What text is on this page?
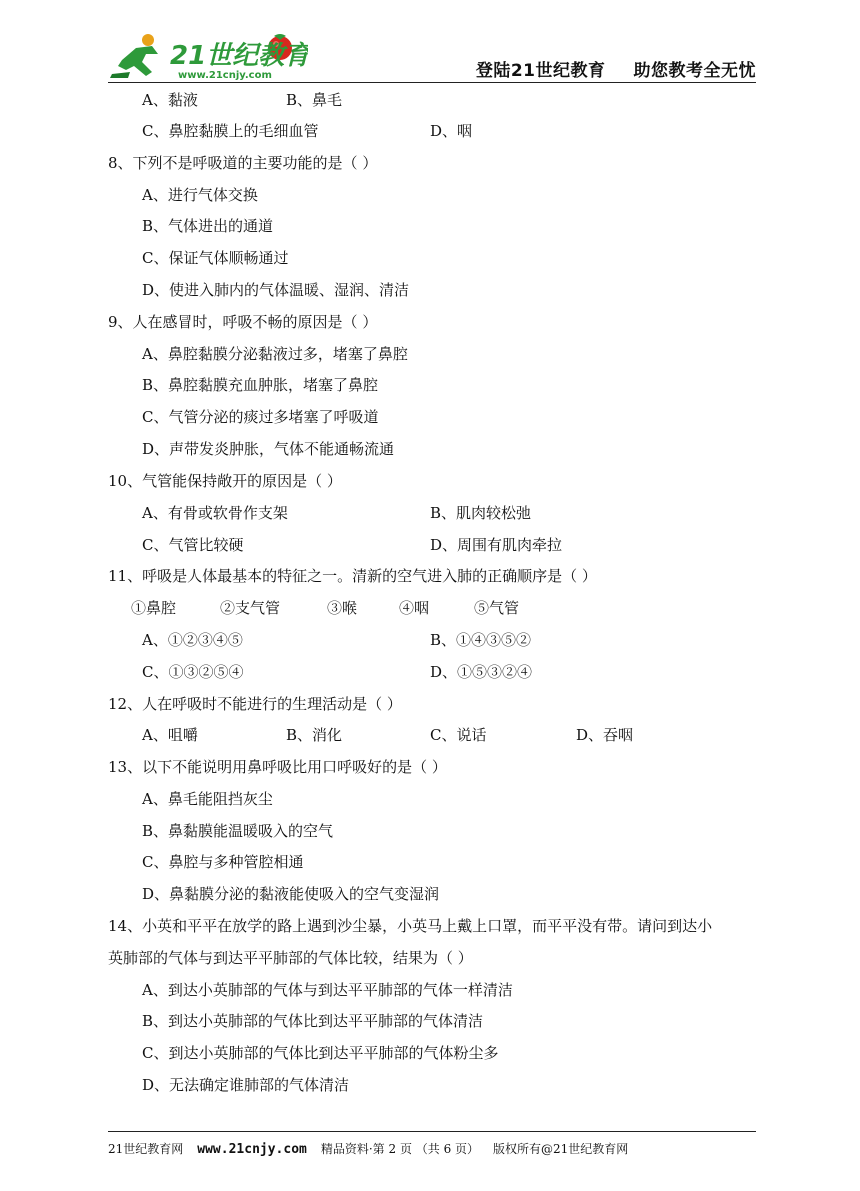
21世纪教育
www.21cnjy.com	登陆21世纪教育 助您教考全无忧
A、黏液	B、鼻毛
C、鼻腔黏膜上的毛细血管	D、咽
8、下列不是呼吸道的主要功能的是（ ）
A、进行气体交换
B、气体进出的通道
C、保证气体顺畅通过
D、使进入肺内的气体温暖、湿润、清洁
9、人在感冒时，呼吸不畅的原因是（ ）
A、鼻腔黏膜分泌黏液过多，堵塞了鼻腔
B、鼻腔黏膜充血肿胀，堵塞了鼻腔
C、气管分泌的痰过多堵塞了呼吸道
D、声带发炎肿胀，气体不能通畅流通
10、气管能保持敞开的原因是（ ）
A、有骨或软骨作支架	B、肌肉较松弛
C、气管比较硬	D、周围有肌肉牵拉
11、呼吸是人体最基本的特征之一。清新的空气进入肺的正确顺序是（ ）
①鼻腔	②支气管	③喉	④咽	⑤气管
A、①②③④⑤	B、①④③⑤②
C、①③②⑤④	D、①⑤③②④
12、人在呼吸时不能进行的生理活动是（ ）
A、咀嚼	B、消化	C、说话	D、吞咽
13、以下不能说明用鼻呼吸比用口呼吸好的是（ ）
A、鼻毛能阻挡灰尘
B、鼻黏膜能温暖吸入的空气
C、鼻腔与多种管腔相通
D、鼻黏膜分泌的黏液能使吸入的空气变湿润
14、小英和平平在放学的路上遇到沙尘暴，小英马上戴上口罩，而平平没有带。请问到达小
英肺部的气体与到达平平肺部的气体比较，结果为（ ）
A、到达小英肺部的气体与到达平平肺部的气体一样清洁
B、到达小英肺部的气体比到达平平肺部的气体清洁
C、到达小英肺部的气体比到达平平肺部的气体粉尘多
D、无法确定谁肺部的气体清洁
21世纪教育网 www.21cnjy.com 精品资料·第 2 页 （共 6 页） 版权所有@21世纪教育网
